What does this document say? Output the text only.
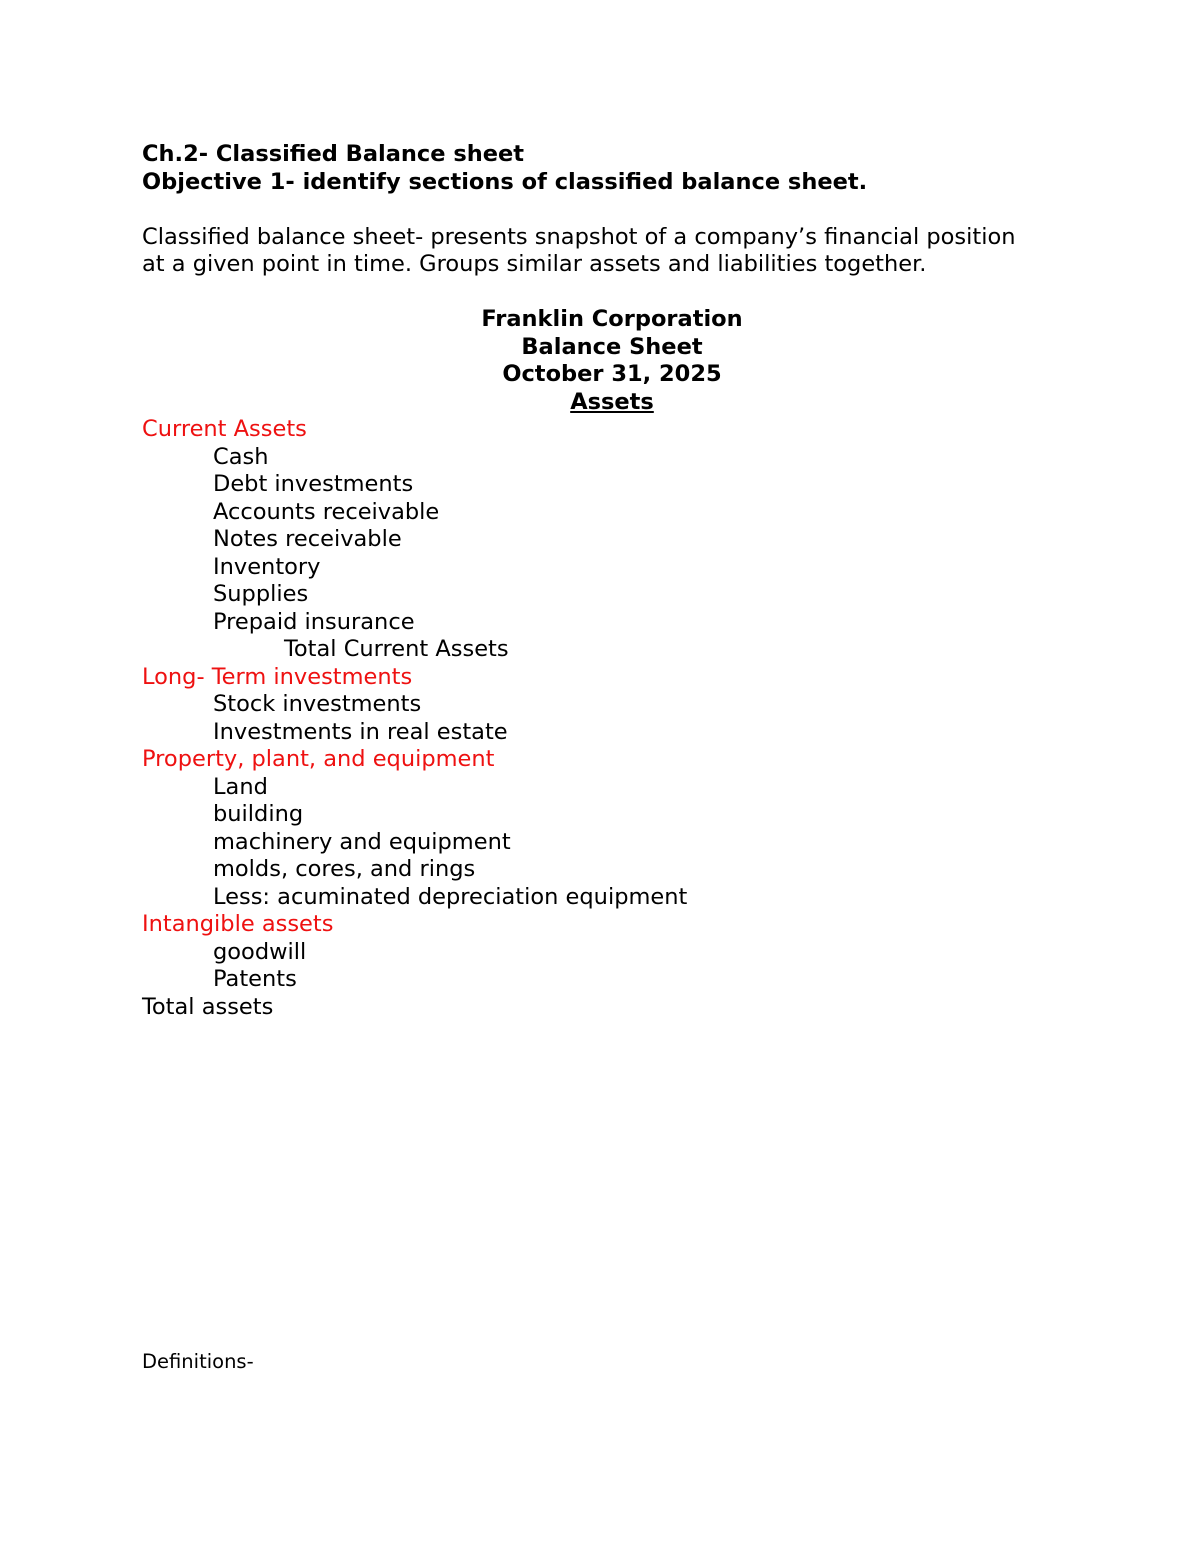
Ch.2- Classified Balance sheet
Objective 1- identify sections of classified balance sheet.
Classified balance sheet- presents snapshot of a company’s financial position
at a given point in time. Groups similar assets and liabilities together.
Franklin Corporation
Balance Sheet
October 31, 2025
Assets
Current Assets
Cash
Debt investments
Accounts receivable
Notes receivable
Inventory
Supplies
Prepaid insurance
Total Current Assets
Long- Term investments
Stock investments
Investments in real estate
Property, plant, and equipment
Land
building
machinery and equipment
molds, cores, and rings
Less: acuminated depreciation equipment
Intangible assets
goodwill
Patents
Total assets
Definitions-
